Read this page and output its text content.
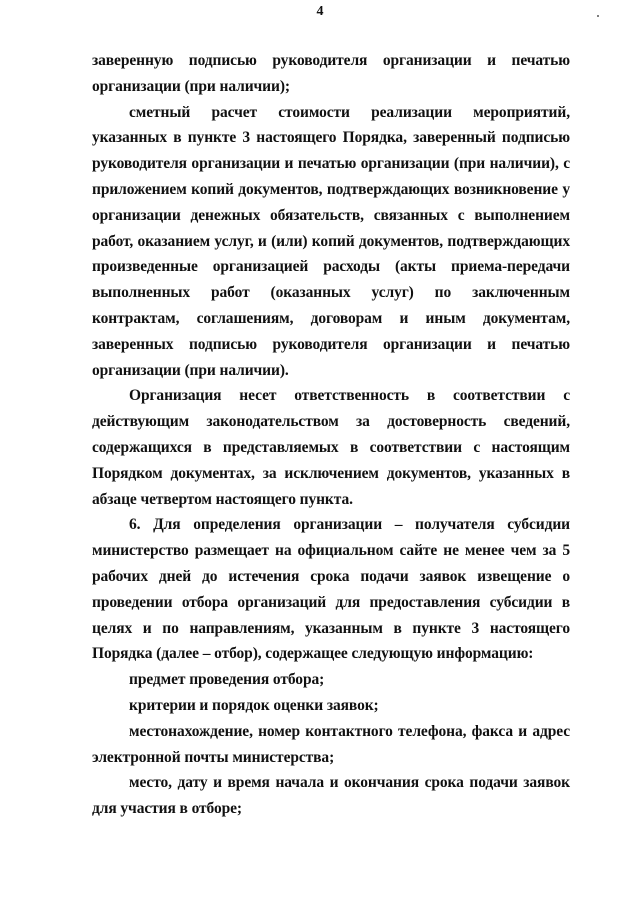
4

заверенную подписью руководителя организации и печатью организации (при наличии);

сметный расчет стоимости реализации мероприятий, указанных в пункте 3 настоящего Порядка, заверенный подписью руководителя организации и печатью организации (при наличии), с приложением копий документов, подтверждающих возникновение у организации денежных обязательств, связанных с выполнением работ, оказанием услуг, и (или) копий документов, подтверждающих произведенные организацией расходы (акты приема-передачи выполненных работ (оказанных услуг) по заключенным контрактам, соглашениям, договорам и иным документам, заверенных подписью руководителя организации и печатью организации (при наличии).

Организация несет ответственность в соответствии с действующим законодательством за достоверность сведений, содержащихся в представляемых в соответствии с настоящим Порядком документах, за исключением документов, указанных в абзаце четвертом настоящего пункта.

6. Для определения организации – получателя субсидии министерство размещает на официальном сайте не менее чем за 5 рабочих дней до истечения срока подачи заявок извещение о проведении отбора организаций для предоставления субсидии в целях и по направлениям, указанным в пункте 3 настоящего Порядка (далее – отбор), содержащее следующую информацию:

предмет проведения отбора;

критерии и порядок оценки заявок;

местонахождение, номер контактного телефона, факса и адрес электронной почты министерства;

место, дату и время начала и окончания срока подачи заявок для участия в отборе;
